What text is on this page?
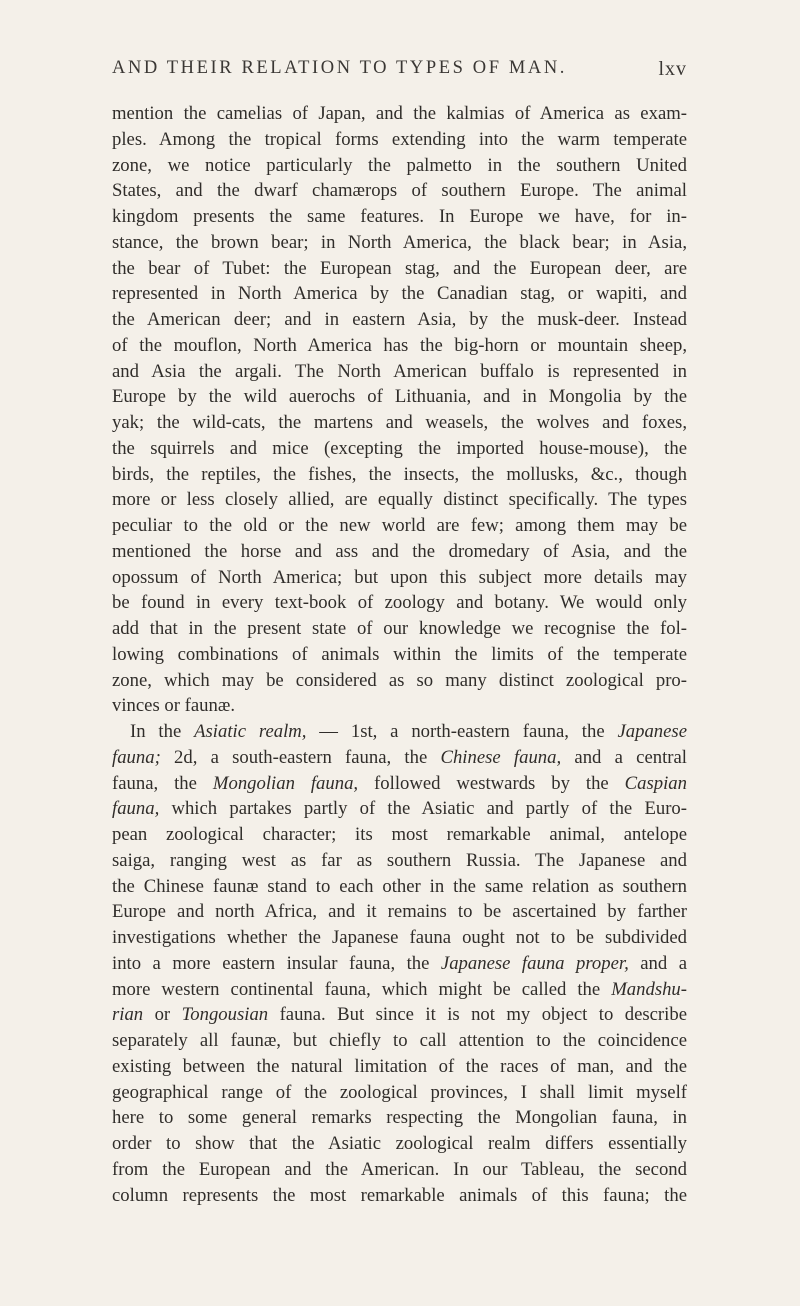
AND THEIR RELATION TO TYPES OF MAN.	lxv
mention the camelias of Japan, and the kalmias of America as exam-
ples. Among the tropical forms extending into the warm temperate
zone, we notice particularly the palmetto in the southern United
States, and the dwarf chamærops of southern Europe. The animal
kingdom presents the same features. In Europe we have, for in-
stance, the brown bear; in North America, the black bear; in Asia,
the bear of Tubet: the European stag, and the European deer, are
represented in North America by the Canadian stag, or wapiti, and
the American deer; and in eastern Asia, by the musk-deer. Instead
of the mouflon, North America has the big-horn or mountain sheep,
and Asia the argali. The North American buffalo is represented in
Europe by the wild auerochs of Lithuania, and in Mongolia by the
yak; the wild-cats, the martens and weasels, the wolves and foxes,
the squirrels and mice (excepting the imported house-mouse), the
birds, the reptiles, the fishes, the insects, the mollusks, &c., though
more or less closely allied, are equally distinct specifically. The types
peculiar to the old or the new world are few; among them may be
mentioned the horse and ass and the dromedary of Asia, and the
opossum of North America; but upon this subject more details may
be found in every text-book of zoology and botany. We would only
add that in the present state of our knowledge we recognise the fol-
lowing combinations of animals within the limits of the temperate
zone, which may be considered as so many distinct zoological pro-
vinces or faunæ.
In the Asiatic realm, — 1st, a north-eastern fauna, the Japanese
fauna; 2d, a south-eastern fauna, the Chinese fauna, and a central
fauna, the Mongolian fauna, followed westwards by the Caspian
fauna, which partakes partly of the Asiatic and partly of the Euro-
pean zoological character; its most remarkable animal, antelope
saiga, ranging west as far as southern Russia. The Japanese and
the Chinese faunæ stand to each other in the same relation as southern
Europe and north Africa, and it remains to be ascertained by farther
investigations whether the Japanese fauna ought not to be subdivided
into a more eastern insular fauna, the Japanese fauna proper, and a
more western continental fauna, which might be called the Mandshu-
rian or Tongousian fauna. But since it is not my object to describe
separately all faunæ, but chiefly to call attention to the coincidence
existing between the natural limitation of the races of man, and the
geographical range of the zoological provinces, I shall limit myself
here to some general remarks respecting the Mongolian fauna, in
order to show that the Asiatic zoological realm differs essentially
from the European and the American. In our Tableau, the second
column represents the most remarkable animals of this fauna; the
